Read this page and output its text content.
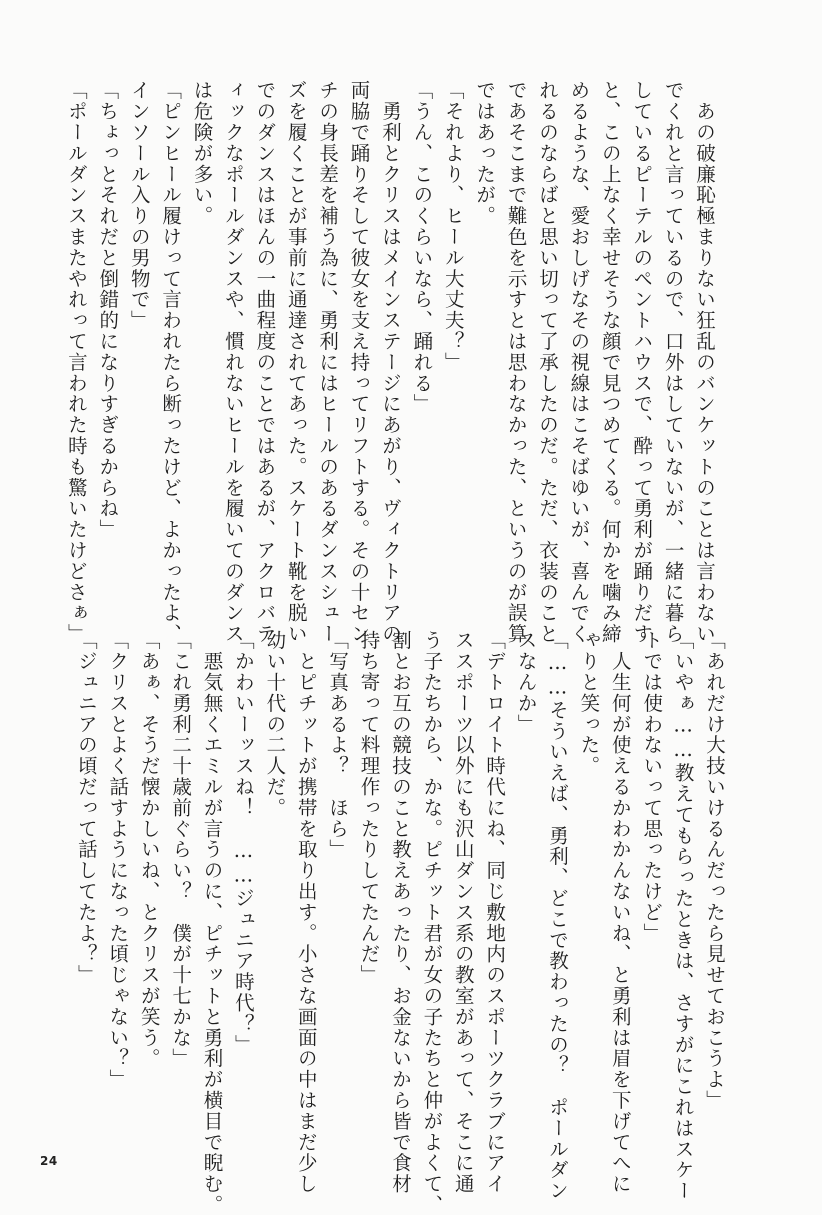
　あの破廉恥極まりない狂乱のバンケットのことは言わない
でくれと言っているので、口外はしていないが、一緒に暮ら
しているピーテルのペントハウスで、酔って勇利が踊りだす
と、この上なく幸せそうな顔で見つめてくる。何かを噛み締
めるような、愛おしげなその視線はこそばゆいが、喜んでく
れるのならばと思い切って了承したのだ。ただ、衣装のこと
であそこまで難色を示すとは思わなかった、というのが誤算
ではあったが。
「それより、ヒール大丈夫？」
「うん、このくらいなら、踊れる」
　勇利とクリスはメインステージにあがり、ヴィクトリアの
両脇で踊りそして彼女を支え持ってリフトする。その十セン
チの身長差を補う為に、勇利にはヒールのあるダンスシュー
ズを履くことが事前に通達されてあった。スケート靴を脱い
でのダンスはほんの一曲程度のことではあるが、アクロバテ
ィックなポールダンスや、慣れないヒールを履いてのダンス
は危険が多い。
「ピンヒール履けって言われたら断ったけど、よかったよ、
インソール入りの男物で」
「ちょっとそれだと倒錯的になりすぎるからね」
「ポールダンスまたやれって言われた時も驚いたけどさぁ」
「あれだけ大技いけるんだったら見せておこうよ」
「いやぁ……教えてもらったときは、さすがにこれはスケー
トでは使わないって思ったけど」
　人生何が使えるかわかんないね、と勇利は眉を下げてへに
ゃりと笑った。
「……そういえば、勇利、どこで教わったの？　ポールダン
スなんか」
「デトロイト時代にね、同じ敷地内のスポーツクラブにアイ
ススポーツ以外にも沢山ダンス系の教室があって、そこに通
う子たちから、かな。ピチット君が女の子たちと仲がよくて、
割とお互の競技のこと教えあったり、お金ないから皆で食材
持ち寄って料理作ったりしてたんだ」
「写真あるよ？　ほら」
　とピチットが携帯を取り出す。小さな画面の中はまだ少し
幼い十代の二人だ。
「かわいーッスね！　……ジュニア時代？」
　悪気無くエミルが言うのに、ピチットと勇利が横目で睨む。
「これ勇利二十歳前ぐらい？　僕が十七かな」
「あぁ、そうだ懐かしいね、とクリスが笑う。
「クリスとよく話すようになった頃じゃない？」
「ジュニアの頃だって話してたよ？」
24
